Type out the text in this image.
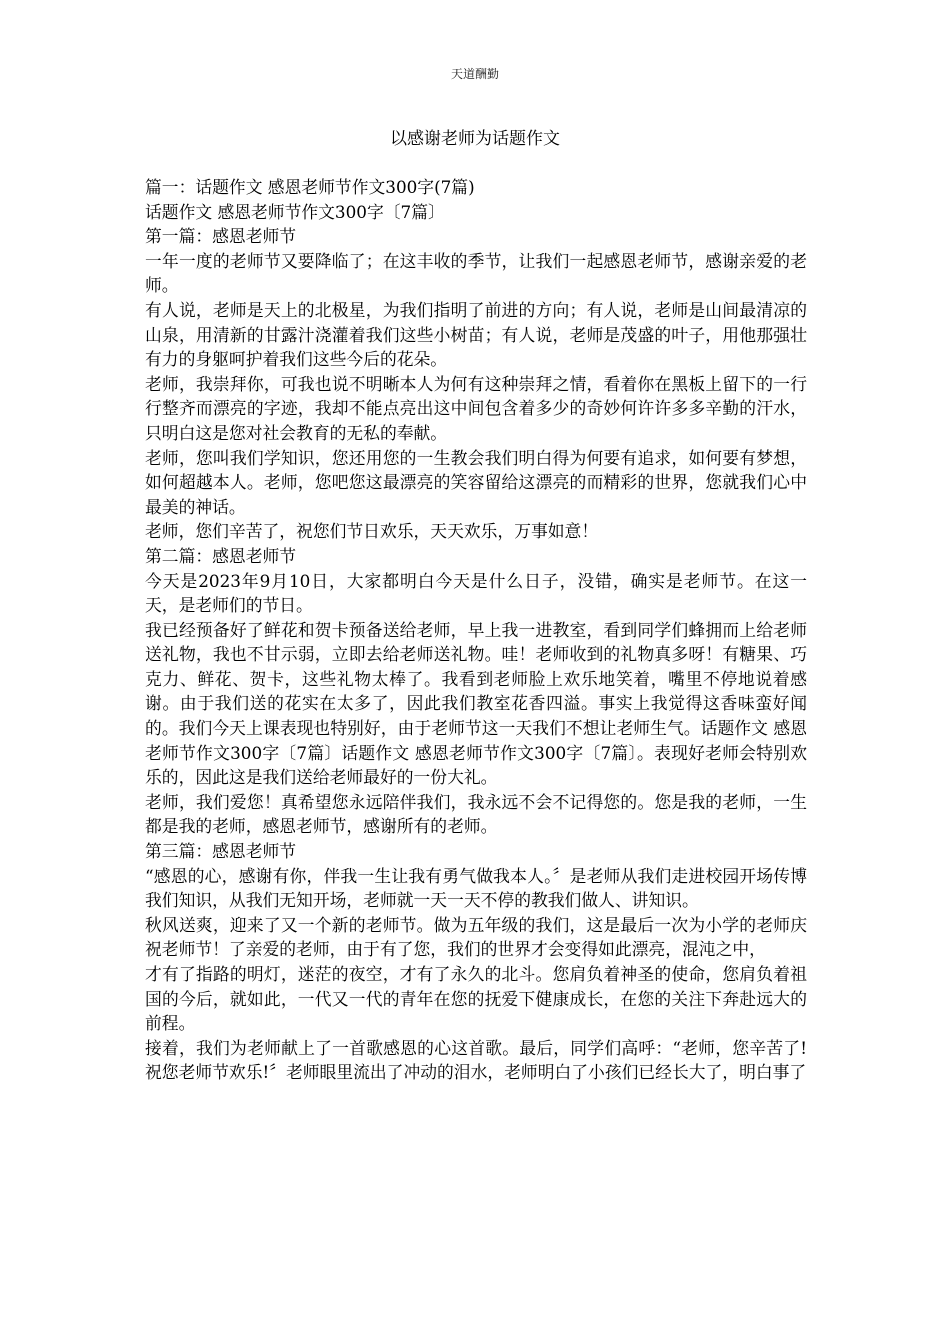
天道酬勤
以感谢老师为话题作文

篇一：话题作文 感恩老师节作文300字(7篇)

话题作文 感恩老师节作文300字〔7篇〕

第一篇：感恩老师节

一年一度的老师节又要降临了；在这丰收的季节，让我们一起感恩老师节，感谢亲爱的老师。

有人说，老师是天上的北极星，为我们指明了前进的方向；有人说，老师是山间最清凉的山泉，用清新的甘露汁浇灌着我们这些小树苗；有人说，老师是茂盛的叶子，用他那强壮有力的身躯呵护着我们这些今后的花朵。

老师，我崇拜你，可我也说不明晰本人为何有这种崇拜之情，看着你在黑板上留下的一行行整齐而漂亮的字迹，我却不能点亮出这中间包含着多少的奇妙何许许多多辛勤的汗水，只明白这是您对社会教育的无私的奉献。

老师，您叫我们学知识，您还用您的一生教会我们明白得为何要有追求，如何要有梦想，如何超越本人。老师，您吧您这最漂亮的笑容留给这漂亮的而精彩的世界，您就我们心中最美的神话。

老师，您们辛苦了，祝您们节日欢乐，天天欢乐，万事如意！

第二篇：感恩老师节

今天是2023年9月10日，大家都明白今天是什么日子，没错，确实是老师节。在这一天，是老师们的节日。

我已经预备好了鲜花和贺卡预备送给老师，早上我一进教室，看到同学们蜂拥而上给老师送礼物，我也不甘示弱，立即去给老师送礼物。哇！老师收到的礼物真多呀！有糖果、巧克力、鲜花、贺卡，这些礼物太棒了。我看到老师脸上欢乐地笑着，嘴里不停地说着感谢。由于我们送的花实在太多了，因此我们教室花香四溢。事实上我觉得这香味蛮好闻的。我们今天上课表现也特别好，由于老师节这一天我们不想让老师生气。话题作文 感恩老师节作文300字〔7篇〕话题作文 感恩老师节作文300字〔7篇〕。表现好老师会特别欢乐的，因此这是我们送给老师最好的一份大礼。

老师，我们爱您！真希望您永远陪伴我们，我永远不会不记得您的。您是我的老师，一生都是我的老师，感恩老师节，感谢所有的老师。

第三篇：感恩老师节

“感恩的心，感谢有你，伴我一生让我有勇气做我本人。〞是老师从我们走进校园开场传博我们知识，从我们无知开场，老师就一天一天不停的教我们做人、讲知识。

秋风送爽，迎来了又一个新的老师节。做为五年级的我们，这是最后一次为小学的老师庆祝老师节！了亲爱的老师，由于有了您，我们的世界才会变得如此漂亮，混沌之中，

才有了指路的明灯，迷茫的夜空，才有了永久的北斗。您肩负着神圣的使命，您肩负着祖国的今后，就如此，一代又一代的青年在您的抚爱下健康成长，在您的关注下奔赴远大的前程。

接着，我们为老师献上了一首歌感恩的心这首歌。最后，同学们高呼：“老师，您辛苦了!祝您老师节欢乐!〞老师眼里流出了冲动的泪水，老师明白了小孩们已经长大了，明白事了
